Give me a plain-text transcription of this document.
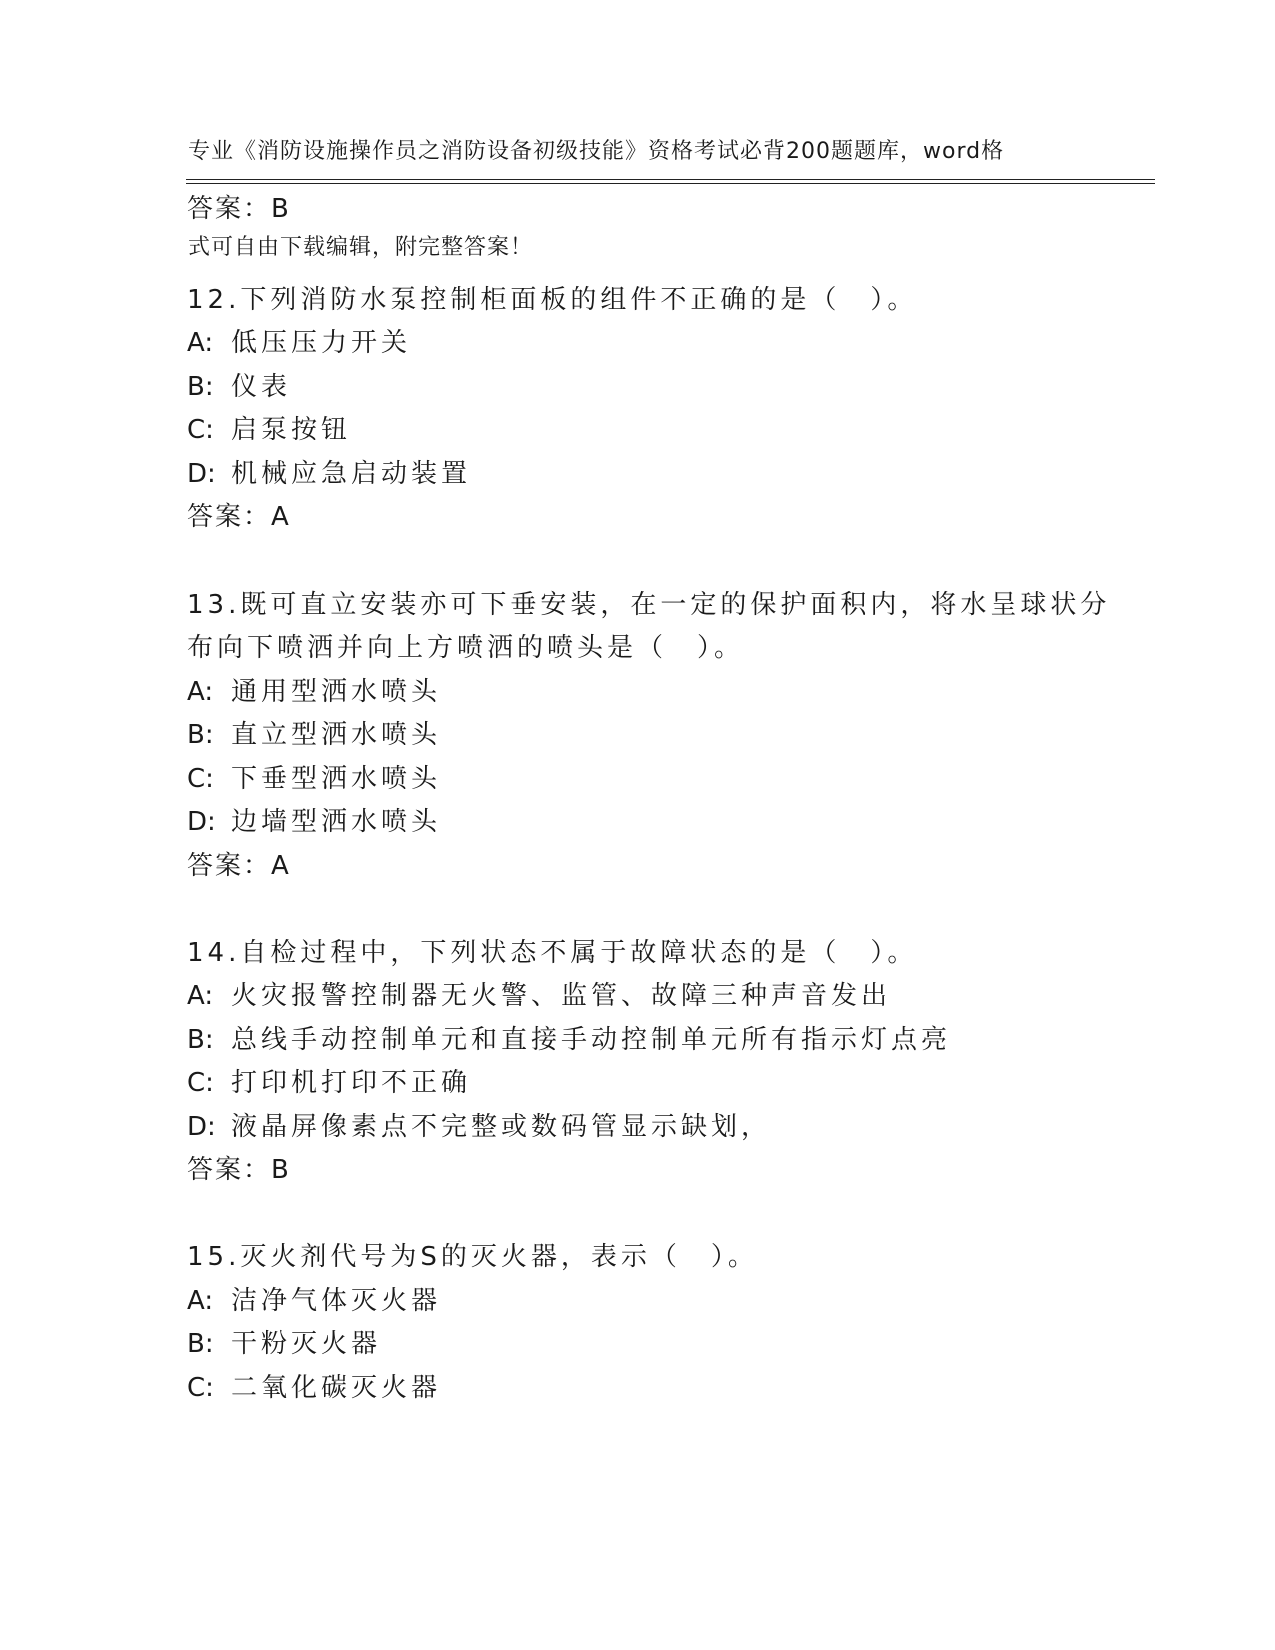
专业《消防设施操作员之消防设备初级技能》资格考试必背200题题库，word格

式可自由下载编辑，附完整答案！

答案：B
12.下列消防水泵控制柜面板的组件不正确的是（　）。
A: 低压压力开关
B: 仪表
C: 启泵按钮
D: 机械应急启动装置
答案：A
13.既可直立安装亦可下垂安装，在一定的保护面积内，将水呈球状分
布向下喷洒并向上方喷洒的喷头是（　）。
A: 通用型洒水喷头
B: 直立型洒水喷头
C: 下垂型洒水喷头
D: 边墙型洒水喷头
答案：A
14.自检过程中，下列状态不属于故障状态的是（　）。
A: 火灾报警控制器无火警、监管、故障三种声音发出
B: 总线手动控制单元和直接手动控制单元所有指示灯点亮
C: 打印机打印不正确
D: 液晶屏像素点不完整或数码管显示缺划，
答案：B
15.灭火剂代号为S的灭火器，表示（　）。
A: 洁净气体灭火器
B: 干粉灭火器
C: 二氧化碳灭火器
